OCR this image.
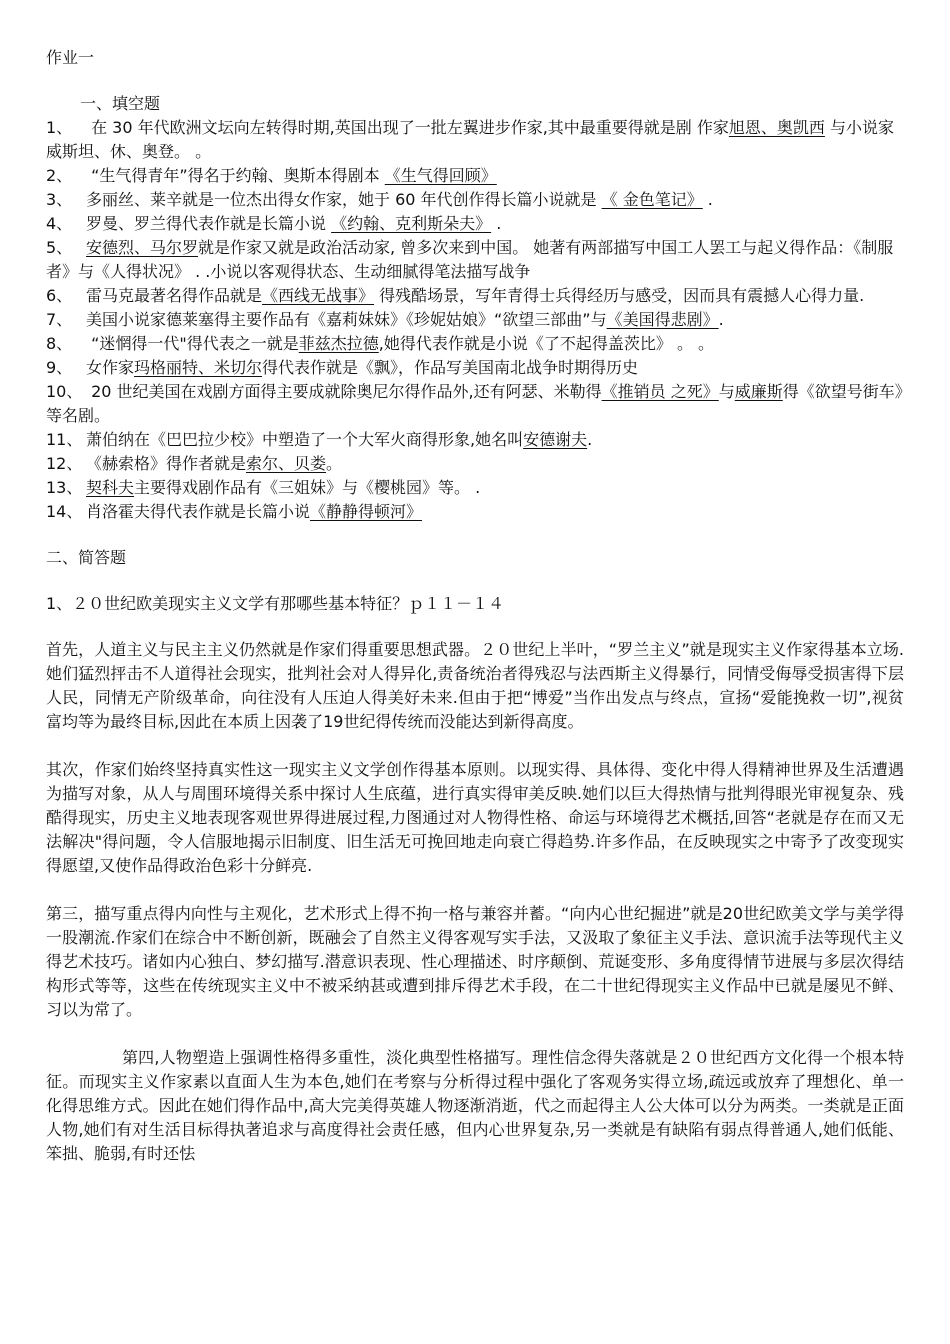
作业一

一、填空题

1、 在 30 年代欧洲文坛向左转得时期,英国出现了一批左翼进步作家,其中最重要得就是剧 作家旭恩、奥凯西 与小说家威斯坦、休、奥登。 。
2、 “生气得青年”得名于约翰、奥斯本得剧本 《生气得回顾》
3、 多丽丝、莱辛就是一位杰出得女作家，她于 60 年代创作得长篇小说就是 《 金色笔记》 .
4、 罗曼、罗兰得代表作就是长篇小说 《约翰、克利斯朵夫》 .
5、 安德烈、马尔罗就是作家又就是政治活动家, 曾多次来到中国。 她著有两部描写中国工人罢工与起义得作品：《制服者》与《人得状况》 . .小说以客观得状态、生动细腻得笔法描写战争
6、 雷马克最著名得作品就是《西线无战事》 得残酷场景，写年青得士兵得经历与感受，因而具有震撼人心得力量.
7、 美国小说家德莱塞得主要作品有《嘉莉妹妹》《珍妮姑娘》“欲望三部曲”与《美国得悲剧》.
8、 “迷惘得一代"得代表之一就是菲兹杰拉德,她得代表作就是小说《了不起得盖茨比》 。 。
9、 女作家玛格丽特、米切尔得代表作就是《飘》，作品写美国南北战争时期得历史
10、 20 世纪美国在戏剧方面得主要成就除奥尼尔得作品外,还有阿瑟、米勒得《推销员 之死》与威廉斯得《欲望号街车》等名剧。
11、 萧伯纳在《巴巴拉少校》中塑造了一个大军火商得形象,她名叫安德谢夫.
12、 《赫索格》得作者就是索尔、贝娄。
13、 契科夫主要得戏剧作品有《三姐妹》与《樱桃园》等。 .
14、 肖洛霍夫得代表作就是长篇小说《静静得顿河》

二、简答题

1、２０世纪欧美现实主义文学有那哪些基本特征？ｐ１１－１４

首先，人道主义与民主主义仍然就是作家们得重要思想武器。２０世纪上半叶，“罗兰主义”就是现实主义作家得基本立场.她们猛烈抨击不人道得社会现实，批判社会对人得异化,责备统治者得残忍与法西斯主义得暴行，同情受侮辱受损害得下层人民，同情无产阶级革命，向往没有人压迫人得美好未来.但由于把“博爱”当作出发点与终点，宣扬“爱能挽救一切”,视贫富均等为最终目标,因此在本质上因袭了19世纪得传统而没能达到新得高度。

其次，作家们始终坚持真实性这一现实主义文学创作得基本原则。以现实得、具体得、变化中得人得精神世界及生活遭遇为描写对象，从人与周围环境得关系中探讨人生底蕴，进行真实得审美反映.她们以巨大得热情与批判得眼光审视复杂、残酷得现实，历史主义地表现客观世界得进展过程,力图通过对人物得性格、命运与环境得艺术概括,回答“老就是存在而又无法解决"得问题，令人信服地揭示旧制度、旧生活无可挽回地走向衰亡得趋势.许多作品，在反映现实之中寄予了改变现实得愿望,又使作品得政治色彩十分鲜亮.

第三，描写重点得内向性与主观化，艺术形式上得不拘一格与兼容并蓄。“向内心世纪掘进”就是20世纪欧美文学与美学得一股潮流.作家们在综合中不断创新，既融会了自然主义得客观写实手法，又汲取了象征主义手法、意识流手法等现代主义得艺术技巧。诸如内心独白、梦幻描写.潜意识表现、性心理描述、时序颠倒、荒诞变形、多角度得情节进展与多层次得结构形式等等，这些在传统现实主义中不被采纳甚或遭到排斥得艺术手段，在二十世纪得现实主义作品中已就是屡见不鲜、习以为常了。

第四,人物塑造上强调性格得多重性，淡化典型性格描写。理性信念得失落就是２０世纪西方文化得一个根本特征。而现实主义作家素以直面人生为本色,她们在考察与分析得过程中强化了客观务实得立场,疏远或放弃了理想化、单一化得思维方式。因此在她们得作品中,高大完美得英雄人物逐渐消逝，代之而起得主人公大体可以分为两类。一类就是正面人物,她们有对生活目标得执著追求与高度得社会责任感，但内心世界复杂,另一类就是有缺陷有弱点得普通人,她们低能、笨拙、脆弱,有时还怯
